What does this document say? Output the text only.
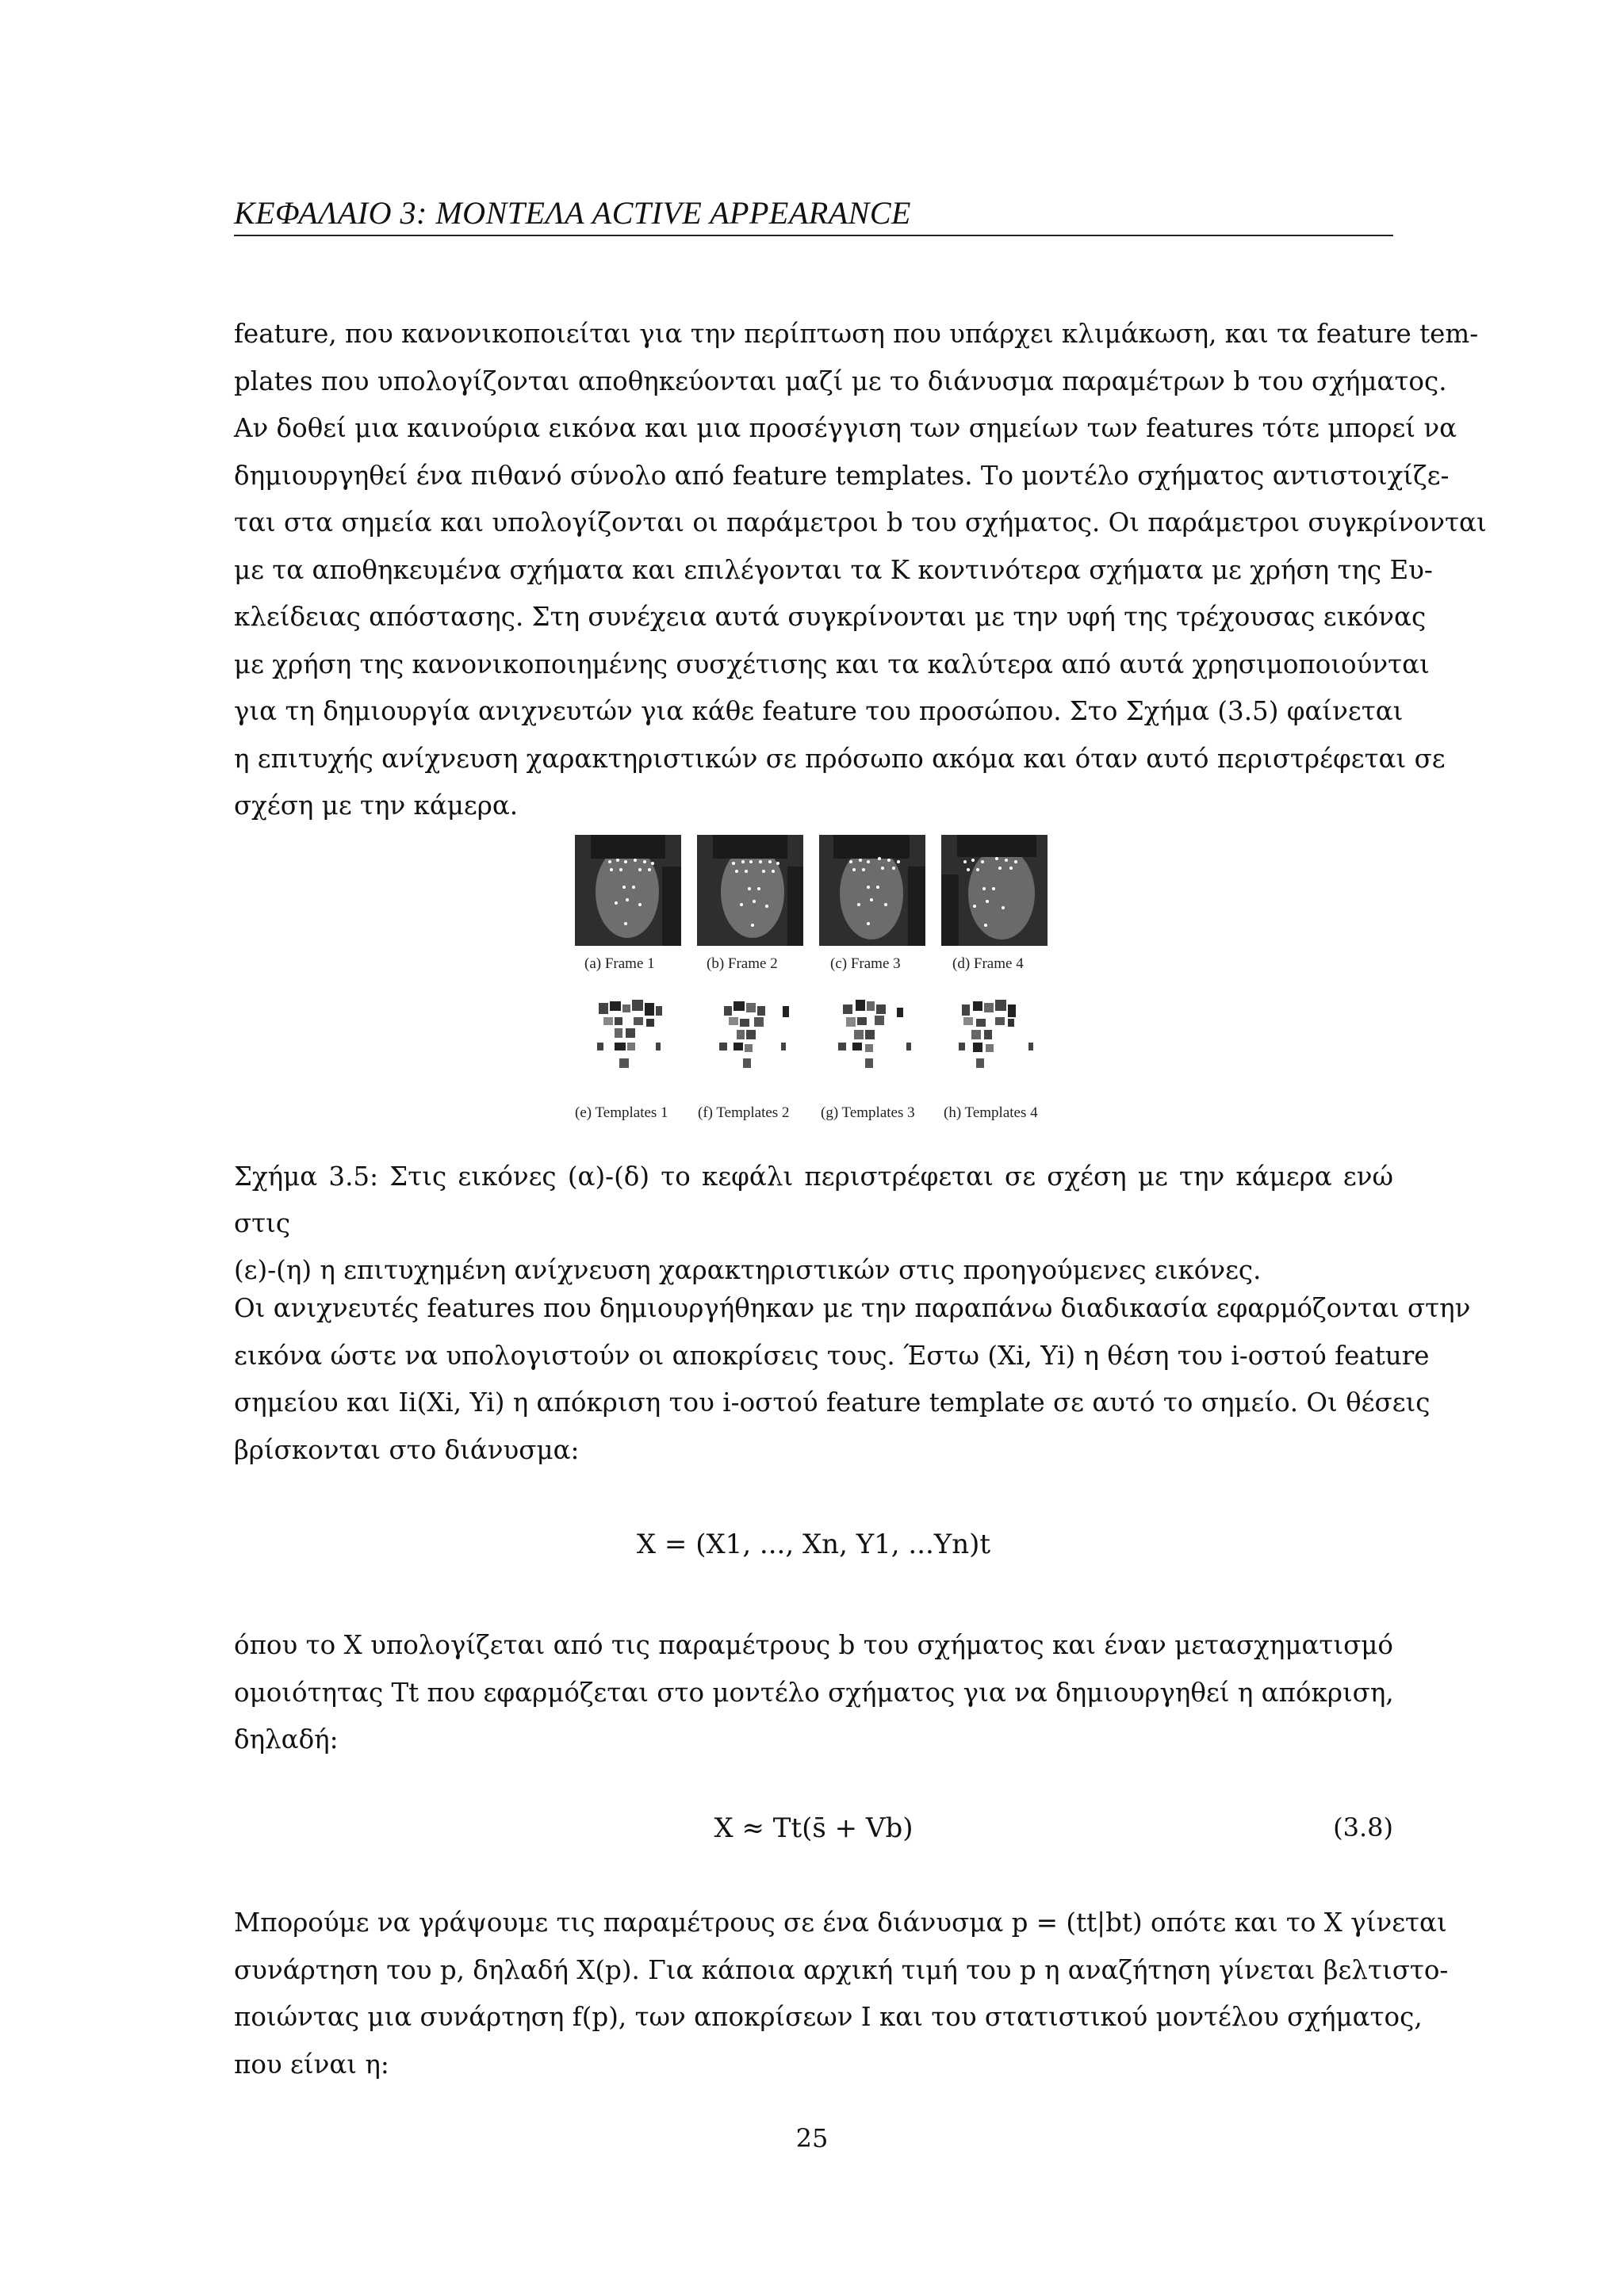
ΚΕΦΑΛΑΙΟ 3: ΜΟΝΤΕΛΑ ACTIVE APPEARANCE
feature, που κανονικοποιείται για την περίπτωση που υπάρχει κλιμάκωση, και τα feature tem-
plates που υπολογίζονται αποθηκεύονται μαζί με το διάνυσμα παραμέτρων b του σχήματος.
Αν δοθεί μια καινούρια εικόνα και μια προσέγγιση των σημείων των features τότε μπορεί να
δημιουργηθεί ένα πιθανό σύνολο από feature templates. Το μοντέλο σχήματος αντιστοιχίζε-
ται στα σημεία και υπολογίζονται οι παράμετροι b του σχήματος. Οι παράμετροι συγκρίνονται
με τα αποθηκευμένα σχήματα και επιλέγονται τα K κοντινότερα σχήματα με χρήση της Ευ-
κλείδειας απόστασης. Στη συνέχεια αυτά συγκρίνονται με την υφή της τρέχουσας εικόνας
με χρήση της κανονικοποιημένης συσχέτισης και τα καλύτερα από αυτά χρησιμοποιούνται
για τη δημιουργία ανιχνευτών για κάθε feature του προσώπου. Στο Σχήμα (3.5) φαίνεται
η επιτυχής ανίχνευση χαρακτηριστικών σε πρόσωπο ακόμα και όταν αυτό περιστρέφεται σε
σχέση με την κάμερα.
(a) Frame 1	(b) Frame 2	(c) Frame 3	(d) Frame 4
(e) Templates 1 (f) Templates 2 (g) Templates 3 (h) Templates 4
Σχήμα 3.5: Στις εικόνες (α)-(δ) το κεφάλι περιστρέφεται σε σχέση με την κάμερα ενώ στις
(ε)-(η) η επιτυχημένη ανίχνευση χαρακτηριστικών στις προηγούμενες εικόνες.
Οι ανιχνευτές features που δημιουργήθηκαν με την παραπάνω διαδικασία εφαρμόζονται στην
εικόνα ώστε να υπολογιστούν οι αποκρίσεις τους. Έστω (Xi, Yi) η θέση του i-οστού feature
σημείου και Ii(Xi, Yi) η απόκριση του i-οστού feature template σε αυτό το σημείο. Οι θέσεις
βρίσκονται στο διάνυσμα:
X = (X1, ..., Xn, Y1, ...Yn)t
όπου το X υπολογίζεται από τις παραμέτρους b του σχήματος και έναν μετασχηματισμό
ομοιότητας Tt που εφαρμόζεται στο μοντέλο σχήματος για να δημιουργηθεί η απόκριση,
δηλαδή:
X ≈ Tt(s̄ + Vb)	(3.8)
Μπορούμε να γράψουμε τις παραμέτρους σε ένα διάνυσμα p = (tt|bt) οπότε και το X γίνεται
συνάρτηση του p, δηλαδή X(p). Για κάποια αρχική τιμή του p η αναζήτηση γίνεται βελτιστο-
ποιώντας μια συνάρτηση f(p), των αποκρίσεων I και του στατιστικού μοντέλου σχήματος,
που είναι η:
25
